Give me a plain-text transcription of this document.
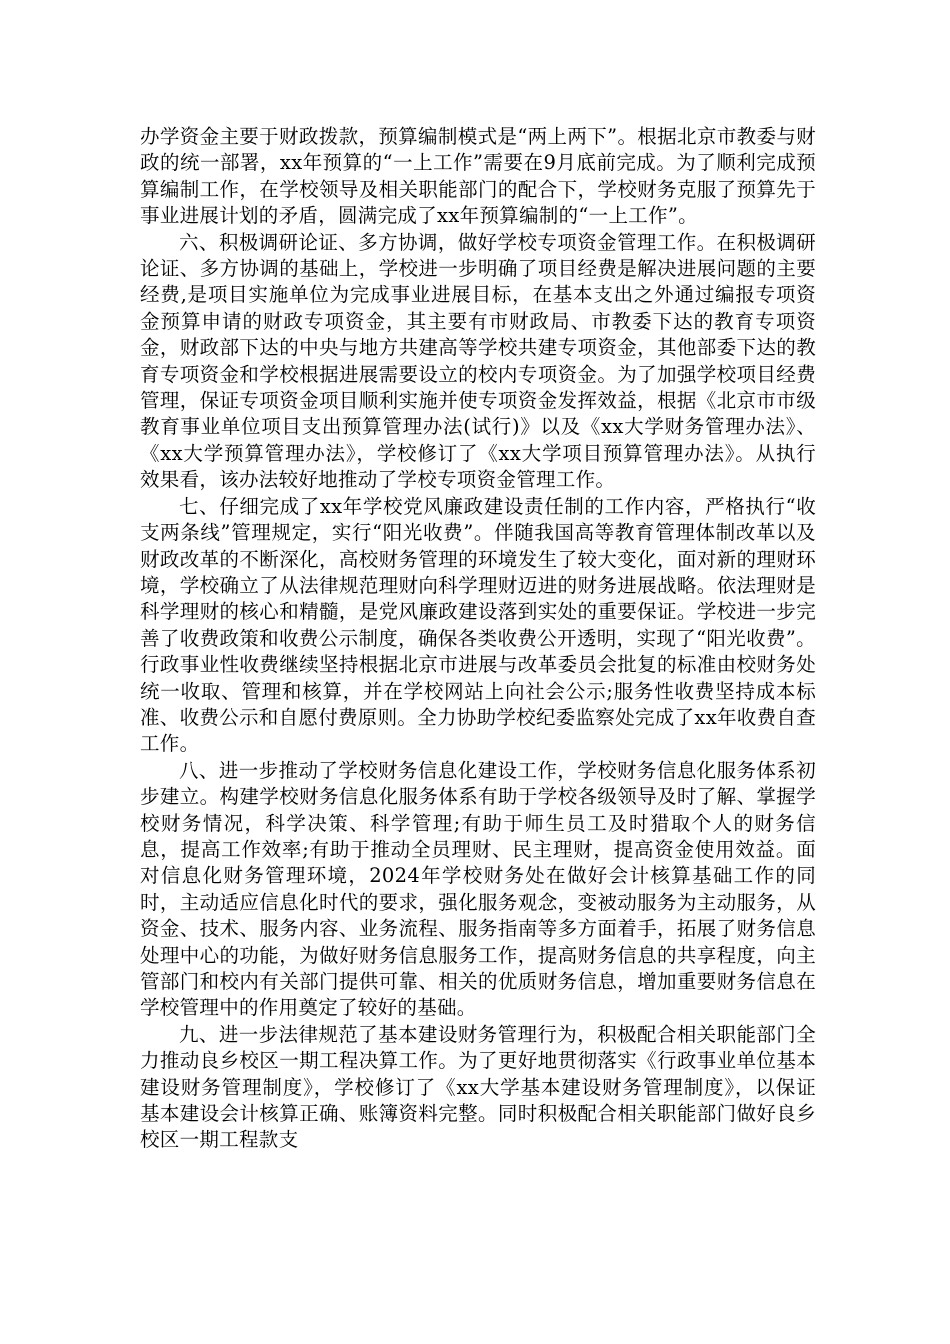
办学资金主要于财政拨款，预算编制模式是“两上两下”。根据北京市教委与财政的统一部署，xx年预算的“一上工作”需要在9月底前完成。为了顺利完成预算编制工作，在学校领导及相关职能部门的配合下，学校财务克服了预算先于事业进展计划的矛盾，圆满完成了xx年预算编制的“一上工作”。

六、积极调研论证、多方协调，做好学校专项资金管理工作。在积极调研论证、多方协调的基础上，学校进一步明确了项目经费是解决进展问题的主要经费,是项目实施单位为完成事业进展目标，在基本支出之外通过编报专项资金预算申请的财政专项资金，其主要有市财政局、市教委下达的教育专项资金，财政部下达的中央与地方共建高等学校共建专项资金，其他部委下达的教育专项资金和学校根据进展需要设立的校内专项资金。为了加强学校项目经费管理，保证专项资金项目顺利实施并使专项资金发挥效益，根据《北京市市级教育事业单位项目支出预算管理办法(试行)》以及《xx大学财务管理办法》、《xx大学预算管理办法》，学校修订了《xx大学项目预算管理办法》。从执行效果看，该办法较好地推动了学校专项资金管理工作。

七、仔细完成了xx年学校党风廉政建设责任制的工作内容，严格执行“收支两条线”管理规定，实行“阳光收费”。伴随我国高等教育管理体制改革以及财政改革的不断深化，高校财务管理的环境发生了较大变化，面对新的理财环境，学校确立了从法律规范理财向科学理财迈进的财务进展战略。依法理财是科学理财的核心和精髓，是党风廉政建设落到实处的重要保证。学校进一步完善了收费政策和收费公示制度，确保各类收费公开透明，实现了“阳光收费”。行政事业性收费继续坚持根据北京市进展与改革委员会批复的标准由校财务处统一收取、管理和核算，并在学校网站上向社会公示;服务性收费坚持成本标准、收费公示和自愿付费原则。全力协助学校纪委监察处完成了xx年收费自查工作。

八、进一步推动了学校财务信息化建设工作，学校财务信息化服务体系初步建立。构建学校财务信息化服务体系有助于学校各级领导及时了解、掌握学校财务情况，科学决策、科学管理;有助于师生员工及时猎取个人的财务信息，提高工作效率;有助于推动全员理财、民主理财，提高资金使用效益。面对信息化财务管理环境，2024年学校财务处在做好会计核算基础工作的同时，主动适应信息化时代的要求，强化服务观念，变被动服务为主动服务，从资金、技术、服务内容、业务流程、服务指南等多方面着手，拓展了财务信息处理中心的功能，为做好财务信息服务工作，提高财务信息的共享程度，向主管部门和校内有关部门提供可靠、相关的优质财务信息，增加重要财务信息在学校管理中的作用奠定了较好的基础。

九、进一步法律规范了基本建设财务管理行为，积极配合相关职能部门全力推动良乡校区一期工程决算工作。为了更好地贯彻落实《行政事业单位基本建设财务管理制度》，学校修订了《xx大学基本建设财务管理制度》，以保证基本建设会计核算正确、账簿资料完整。同时积极配合相关职能部门做好良乡校区一期工程款支
